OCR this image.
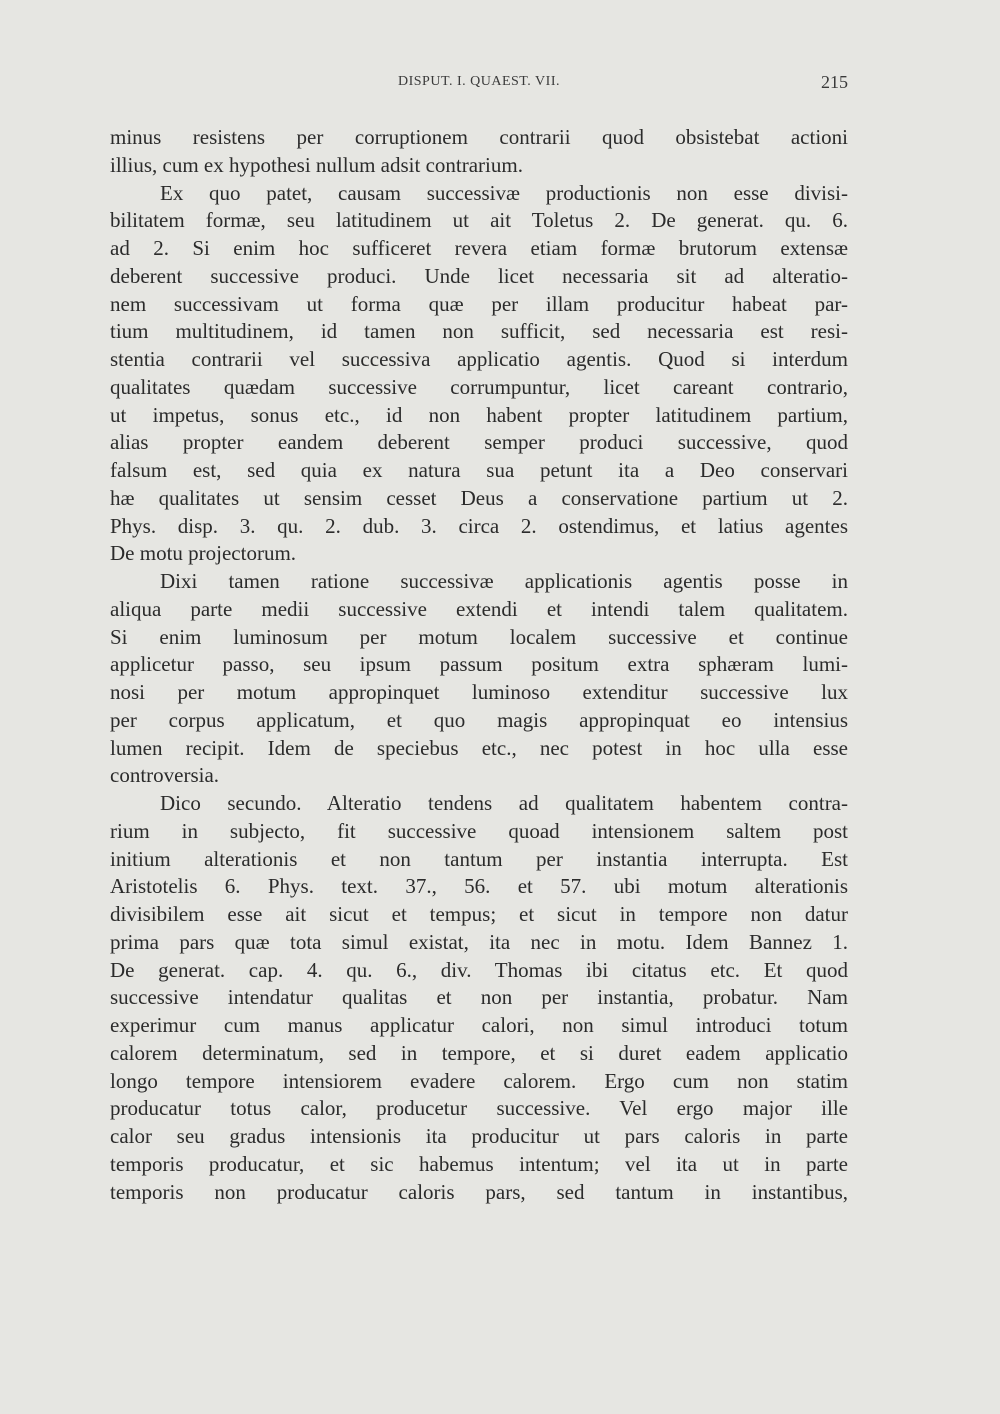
DISPUT. I. QUAEST. VII.	215
minus resistens per corruptionem contrarii quod obsistebat actioni
illius, cum ex hypothesi nullum adsit contrarium.
Ex quo patet, causam successivæ productionis non esse divisi-
bilitatem formæ, seu latitudinem ut ait Toletus 2. De generat. qu. 6.
ad 2. Si enim hoc sufficeret revera etiam formæ brutorum extensæ
deberent successive produci. Unde licet necessaria sit ad alteratio-
nem successivam ut forma quæ per illam producitur habeat par-
tium multitudinem, id tamen non sufficit, sed necessaria est resi-
stentia contrarii vel successiva applicatio agentis. Quod si interdum
qualitates quædam successive corrumpuntur, licet careant contrario,
ut impetus, sonus etc., id non habent propter latitudinem partium,
alias propter eandem deberent semper produci successive, quod
falsum est, sed quia ex natura sua petunt ita a Deo conservari
hæ qualitates ut sensim cesset Deus a conservatione partium ut 2.
Phys. disp. 3. qu. 2. dub. 3. circa 2. ostendimus, et latius agentes
De motu projectorum.
Dixi tamen ratione successivæ applicationis agentis posse in
aliqua parte medii successive extendi et intendi talem qualitatem.
Si enim luminosum per motum localem successive et continue
applicetur passo, seu ipsum passum positum extra sphæram lumi-
nosi per motum appropinquet luminoso extenditur successive lux
per corpus applicatum, et quo magis appropinquat eo intensius
lumen recipit. Idem de speciebus etc., nec potest in hoc ulla esse
controversia.
Dico secundo. Alteratio tendens ad qualitatem habentem contra-
rium in subjecto, fit successive quoad intensionem saltem post
initium alterationis et non tantum per instantia interrupta. Est
Aristotelis 6. Phys. text. 37., 56. et 57. ubi motum alterationis
divisibilem esse ait sicut et tempus; et sicut in tempore non datur
prima pars quæ tota simul existat, ita nec in motu. Idem Bannez 1.
De generat. cap. 4. qu. 6., div. Thomas ibi citatus etc. Et quod
successive intendatur qualitas et non per instantia, probatur. Nam
experimur cum manus applicatur calori, non simul introduci totum
calorem determinatum, sed in tempore, et si duret eadem applicatio
longo tempore intensiorem evadere calorem. Ergo cum non statim
producatur totus calor, producetur successive. Vel ergo major ille
calor seu gradus intensionis ita producitur ut pars caloris in parte
temporis producatur, et sic habemus intentum; vel ita ut in parte
temporis non producatur caloris pars, sed tantum in instantibus,
